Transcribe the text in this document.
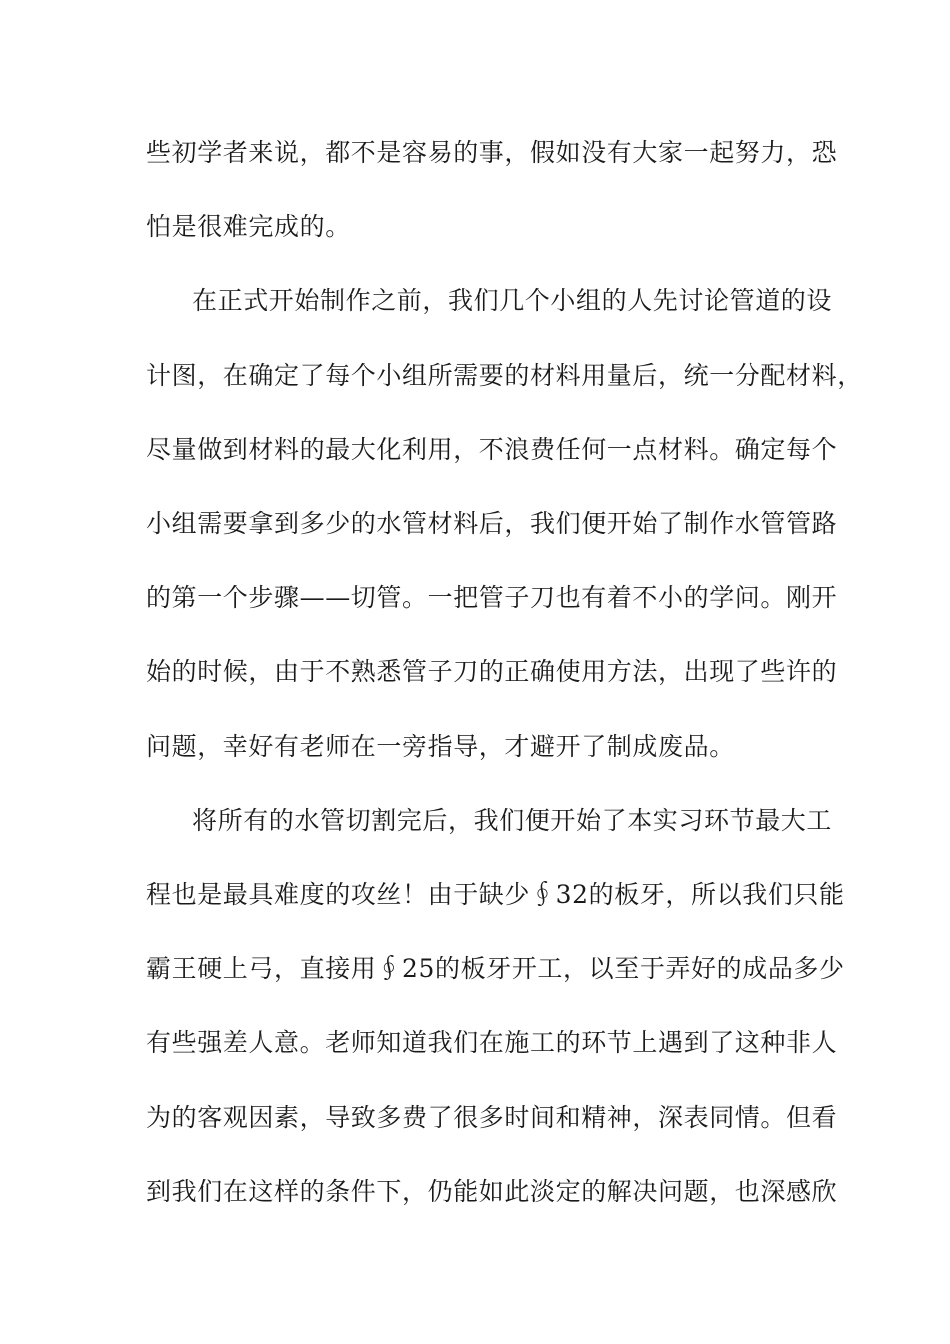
些初学者来说，都不是容易的事，假如没有大家一起努力，恐
怕是很难完成的。
在正式开始制作之前，我们几个小组的人先讨论管道的设
计图，在确定了每个小组所需要的材料用量后，统一分配材料，
尽量做到材料的最大化利用，不浪费任何一点材料。确定每个
小组需要拿到多少的水管材料后，我们便开始了制作水管管路
的第一个步骤——切管。一把管子刀也有着不小的学问。刚开
始的时候，由于不熟悉管子刀的正确使用方法，出现了些许的
问题，幸好有老师在一旁指导，才避开了制成废品。
将所有的水管切割完后，我们便开始了本实习环节最大工
程也是最具难度的攻丝！由于缺少∮32的板牙，所以我们只能
霸王硬上弓，直接用∮25的板牙开工，以至于弄好的成品多少
有些强差人意。老师知道我们在施工的环节上遇到了这种非人
为的客观因素，导致多费了很多时间和精神，深表同情。但看
到我们在这样的条件下，仍能如此淡定的解决问题，也深感欣
